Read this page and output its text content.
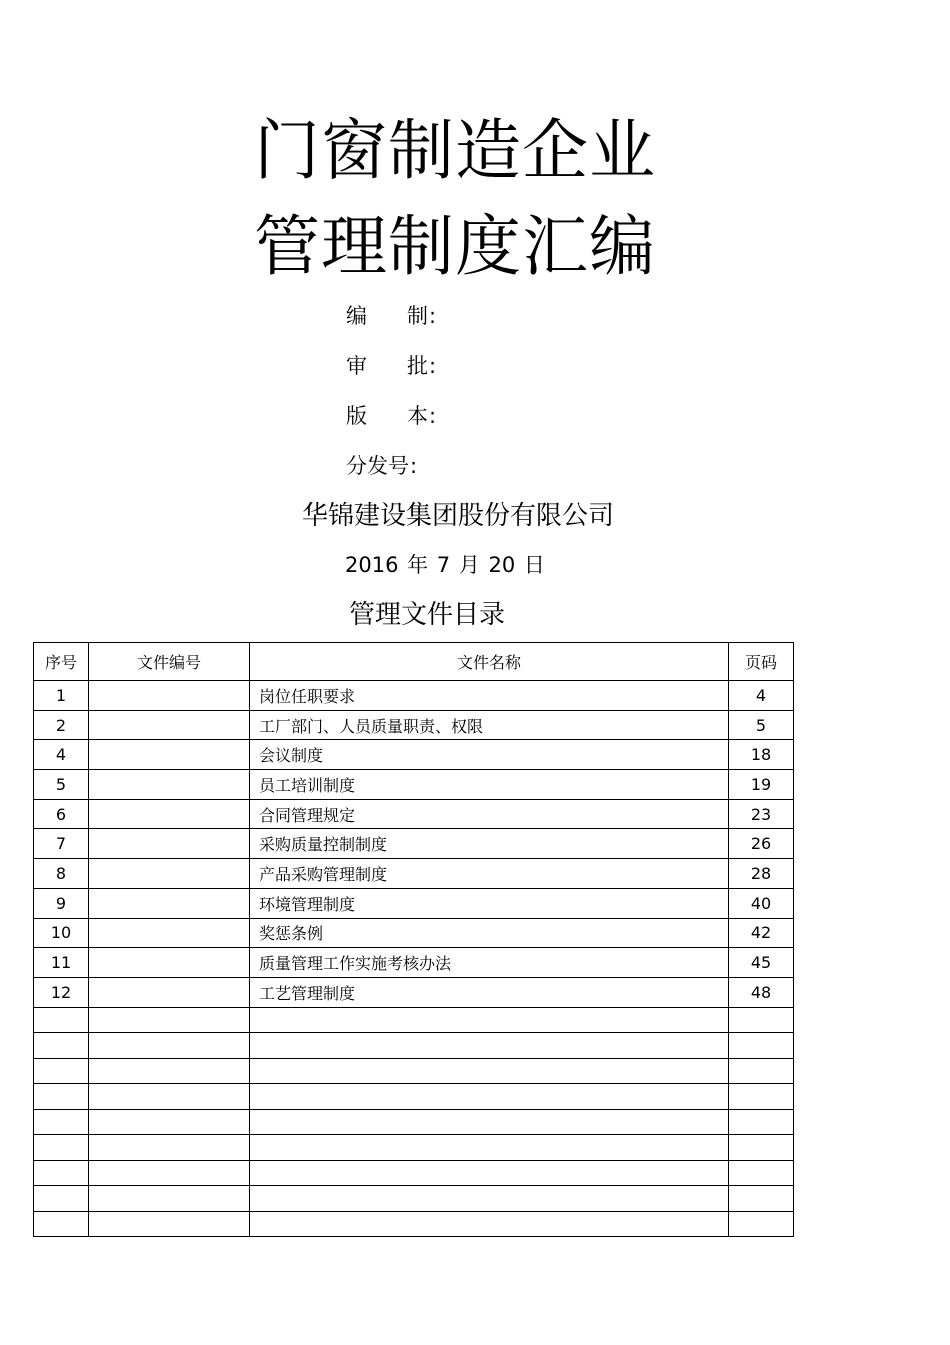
门窗制造企业
管理制度汇编
编制:
审批:
版本:
分发号:
华锦建设集团股份有限公司
2016 年 7 月 20 日
管理文件目录
序号	文件编号	文件名称	页码
1		岗位任职要求	4
2		工厂部门、人员质量职责、权限	5
4		会议制度	18
5		员工培训制度	19
6		合同管理规定	23
7		采购质量控制制度	26
8		产品采购管理制度	28
9		环境管理制度	40
10		奖惩条例	42
11		质量管理工作实施考核办法	45
12		工艺管理制度	48
